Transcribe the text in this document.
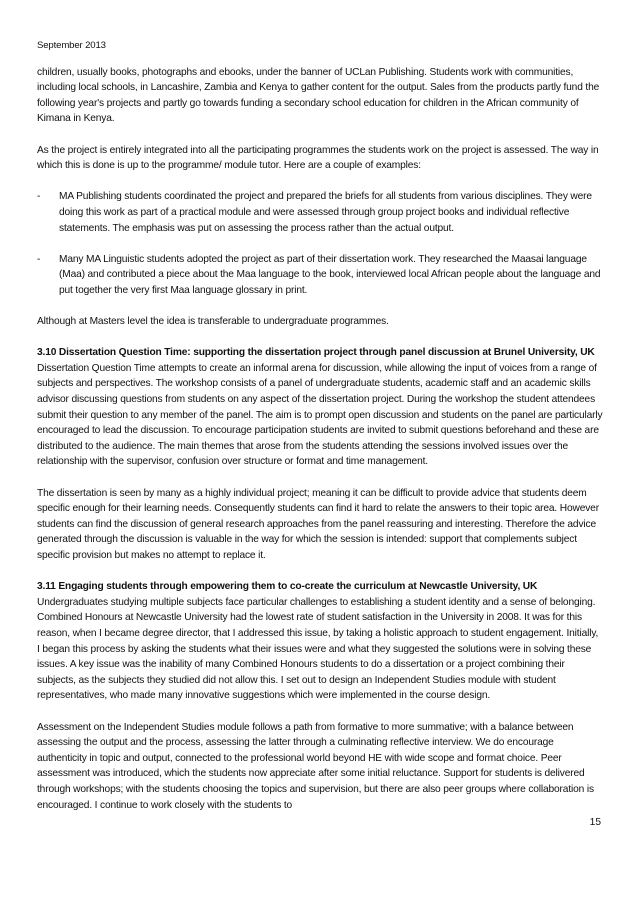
September 2013

children, usually books, photographs and ebooks, under the banner of UCLan Publishing. Students work with communities, including local schools, in Lancashire, Zambia and Kenya to gather content for the output. Sales from the products partly fund the following year's projects and partly go towards funding a secondary school education for children in the African community of Kimana in Kenya.

As the project is entirely integrated into all the participating programmes the students work on the project is assessed. The way in which this is done is up to the programme/ module tutor. Here are a couple of examples:

- MA Publishing students coordinated the project and prepared the briefs for all students from various disciplines. They were doing this work as part of a practical module and were assessed through group project books and individual reflective statements. The emphasis was put on assessing the process rather than the actual output.
- Many MA Linguistic students adopted the project as part of their dissertation work. They researched the Maasai language (Maa) and contributed a piece about the Maa language to the book, interviewed local African people about the language and put together the very first Maa language glossary in print.

Although at Masters level the idea is transferable to undergraduate programmes.

3.10 Dissertation Question Time: supporting the dissertation project through panel discussion at Brunel University, UK

Dissertation Question Time attempts to create an informal arena for discussion, while allowing the input of voices from a range of subjects and perspectives. The workshop consists of a panel of undergraduate students, academic staff and an academic skills advisor discussing questions from students on any aspect of the dissertation project. During the workshop the student attendees submit their question to any member of the panel. The aim is to prompt open discussion and students on the panel are particularly encouraged to lead the discussion. To encourage participation students are invited to submit questions beforehand and these are distributed to the audience. The main themes that arose from the students attending the sessions involved issues over the relationship with the supervisor, confusion over structure or format and time management.

The dissertation is seen by many as a highly individual project; meaning it can be difficult to provide advice that students deem specific enough for their learning needs. Consequently students can find it hard to relate the answers to their topic area. However students can find the discussion of general research approaches from the panel reassuring and interesting. Therefore the advice generated through the discussion is valuable in the way for which the session is intended: support that complements subject specific provision but makes no attempt to replace it.

3.11 Engaging students through empowering them to co-create the curriculum at Newcastle University, UK

Undergraduates studying multiple subjects face particular challenges to establishing a student identity and a sense of belonging. Combined Honours at Newcastle University had the lowest rate of student satisfaction in the University in 2008. It was for this reason, when I became degree director, that I addressed this issue, by taking a holistic approach to student engagement. Initially, I began this process by asking the students what their issues were and what they suggested the solutions were in solving these issues. A key issue was the inability of many Combined Honours students to do a dissertation or a project combining their subjects, as the subjects they studied did not allow this. I set out to design an Independent Studies module with student representatives, who made many innovative suggestions which were implemented in the course design.

Assessment on the Independent Studies module follows a path from formative to more summative; with a balance between assessing the output and the process, assessing the latter through a culminating reflective interview. We do encourage authenticity in topic and output, connected to the professional world beyond HE with wide scope and format choice. Peer assessment was introduced, which the students now appreciate after some initial reluctance. Support for students is delivered through workshops; with the students choosing the topics and supervision, but there are also peer groups where collaboration is encouraged. I continue to work closely with the students to

15
